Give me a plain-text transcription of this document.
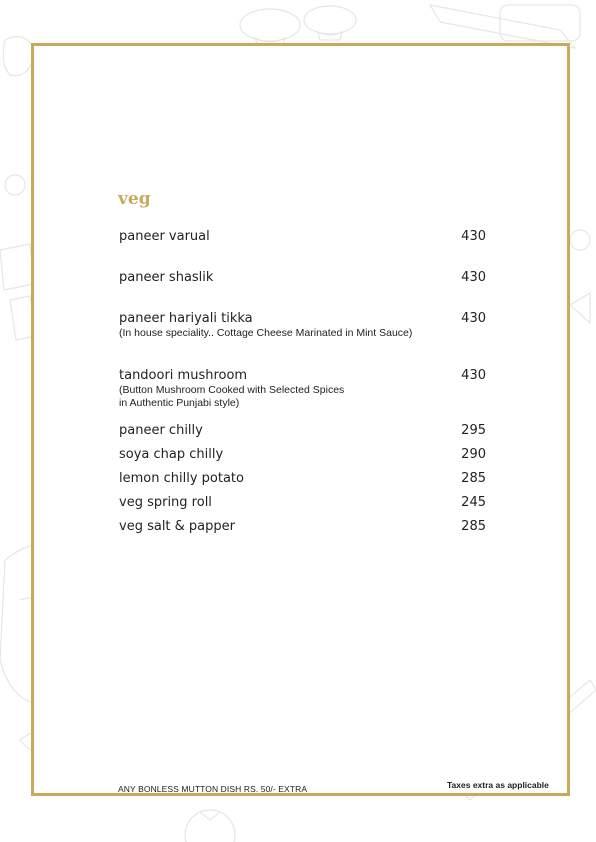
veg
paneer varual	430
paneer shaslik	430
paneer hariyali tikka	430
(In house speciality.. Cottage Cheese Marinated in Mint Sauce)
tandoori mushroom	430
(Button Mushroom Cooked with Selected Spices
in Authentic Punjabi style)
paneer chilly	295
soya chap chilly	290
lemon chilly potato	285
veg spring roll	245
veg salt & papper	285
ANY BONLESS MUTTON DISH RS. 50/- EXTRA	Taxes extra as applicable
